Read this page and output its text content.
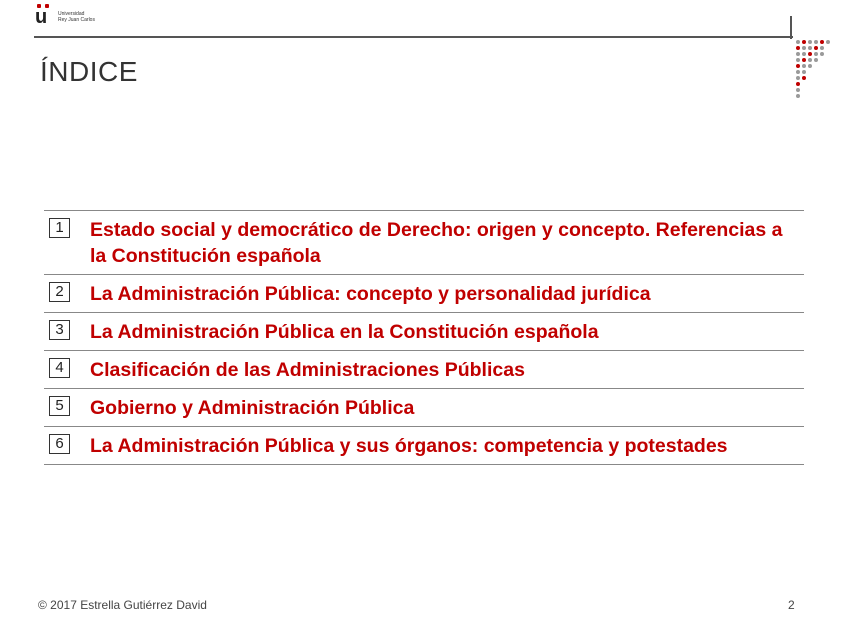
u Universidad
Rey Juan Carlos
ÍNDICE
1	Estado social y democrático de Derecho: origen y concepto. Referencias a la Constitución española
2	La Administración Pública: concepto y personalidad jurídica
3	La Administración Pública en la Constitución española
4	Clasificación de las Administraciones Públicas
5	Gobierno y Administración Pública
6	La Administración Pública y sus órganos: competencia y potestades
© 2017 Estrella Gutiérrez David	2
